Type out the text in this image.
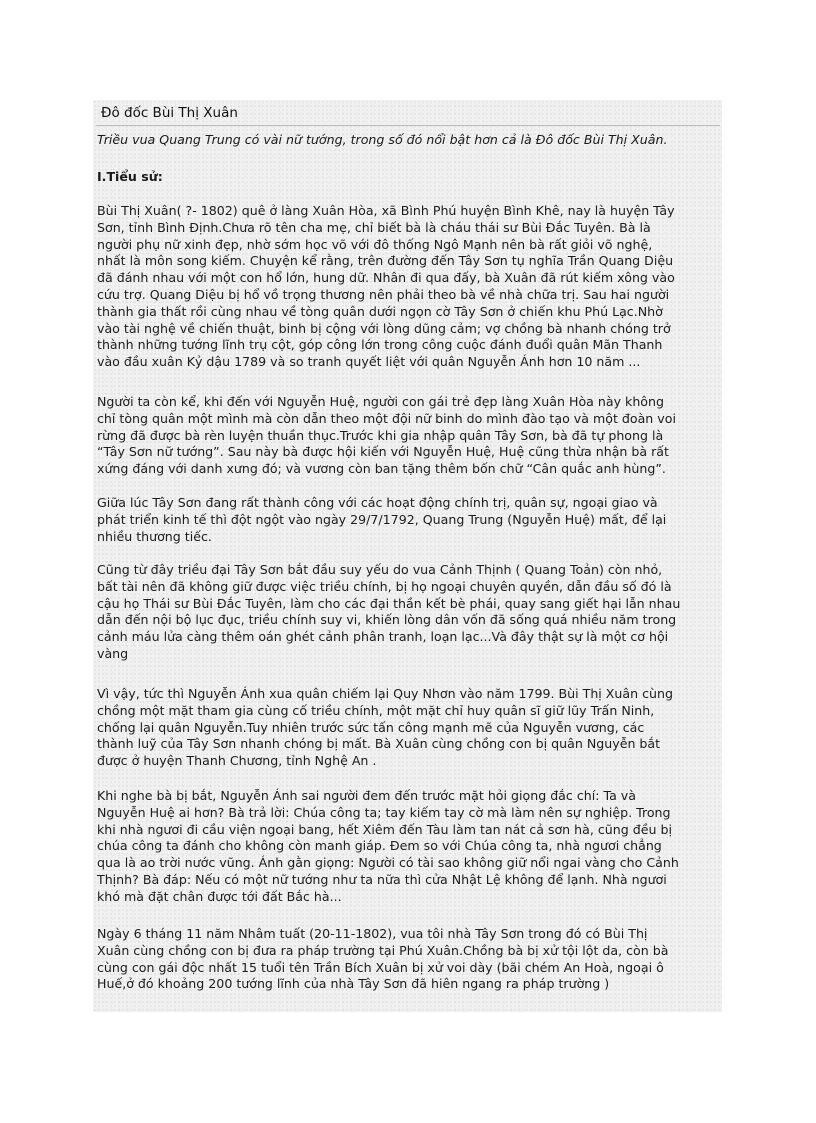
Đô đốc Bùi Thị Xuân

Triều vua Quang Trung có vài nữ tướng, trong số đó nổi bật hơn cả là Đô đốc Bùi Thị Xuân.

I.Tiểu sử:
Bùi Thị Xuân( ?- 1802) quê ở làng Xuân Hòa, xã Bình Phú huyện Bình Khê, nay là huyện Tây
Sơn, tỉnh Bình Định.Chưa rõ tên cha mẹ, chỉ biết bà là cháu thái sư Bùi Đắc Tuyên. Bà là
người phụ nữ xinh đẹp, nhờ sớm học võ với đô thống Ngô Mạnh nên bà rất giỏi võ nghệ,
nhất là môn song kiếm. Chuyện kể rằng, trên đường đến Tây Sơn tụ nghĩa Trần Quang Diệu
đã đánh nhau với một con hổ lớn, hung dữ. Nhân đi qua đấy, bà Xuân đã rút kiếm xông vào
cứu trợ. Quang Diệu bị hổ vồ trọng thương nên phải theo bà về nhà chữa trị. Sau hai người
thành gia thất rồi cùng nhau về tòng quân dưới ngọn cờ Tây Sơn ở chiến khu Phú Lạc.Nhờ
vào tài nghệ về chiến thuật, binh bị cộng với lòng dũng cảm; vợ chồng bà nhanh chóng trở
thành những tướng lĩnh trụ cột, góp công lớn trong công cuộc đánh đuổi quân Mãn Thanh
vào đầu xuân Kỷ dậu 1789 và so tranh quyết liệt với quân Nguyễn Ánh hơn 10 năm ...
Người ta còn kể, khi đến với Nguyễn Huệ, người con gái trẻ đẹp làng Xuân Hòa này không
chỉ tòng quân một mình mà còn dẫn theo một đội nữ binh do mình đào tạo và một đoàn voi
rừng đã được bà rèn luyện thuần thục.Trước khi gia nhập quân Tây Sơn, bà đã tự phong là
“Tây Sơn nữ tướng”. Sau này bà được hội kiến với Nguyễn Huệ, Huệ cũng thừa nhận bà rất
xứng đáng với danh xưng đó; và vương còn ban tặng thêm bốn chữ “Cân quắc anh hùng”.
Giữa lúc Tây Sơn đang rất thành công với các hoạt động chính trị, quân sự, ngoại giao và
phát triển kinh tế thì đột ngột vào ngày 29/7/1792, Quang Trung (Nguyễn Huệ) mất, để lại
nhiều thương tiếc.
Cũng từ đây triều đại Tây Sơn bắt đầu suy yếu do vua Cảnh Thịnh ( Quang Toản) còn nhỏ,
bất tài nên đã không giữ được việc triều chính, bị họ ngoại chuyên quyền, dẫn đầu số đó là
cậu họ Thái sư Bùi Đắc Tuyên, làm cho các đại thần kết bè phái, quay sang giết hại lẫn nhau
dẫn đến nội bộ lục đục, triều chính suy vi, khiến lòng dân vốn đã sống quá nhiều năm trong
cảnh máu lửa càng thêm oán ghét cảnh phân tranh, loạn lạc...Và đây thật sự là một cơ hội
vàng
Vì vậy, tức thì Nguyễn Ánh xua quân chiếm lại Quy Nhơn vào năm 1799. Bùi Thị Xuân cùng
chồng một mặt tham gia cùng cố triều chính, một mặt chỉ huy quân sĩ giữ lũy Trấn Ninh,
chống lại quân Nguyễn.Tuy nhiên trước sức tấn công mạnh mẽ của Nguyễn vương, các
thành luỹ của Tây Sơn nhanh chóng bị mất. Bà Xuân cùng chồng con bị quân Nguyễn bắt
được ở huyện Thanh Chương, tỉnh Nghệ An .
Khi nghe bà bị bắt, Nguyễn Ánh sai người đem đến trước mặt hỏi giọng đắc chí: Ta và
Nguyễn Huệ ai hơn? Bà trả lời: Chúa công ta; tay kiếm tay cờ mà làm nên sự nghiệp. Trong
khi nhà ngươi đi cầu viện ngoại bang, hết Xiêm đến Tàu làm tan nát cả sơn hà, cũng đều bị
chúa công ta đánh cho không còn manh giáp. Đem so với Chúa công ta, nhà ngươi chẳng
qua là ao trời nước vũng. Ánh gằn giọng: Người có tài sao không giữ nổi ngai vàng cho Cảnh
Thịnh? Bà đáp: Nếu có một nữ tướng như ta nữa thì cửa Nhật Lệ không để lạnh. Nhà ngươi
khó mà đặt chân được tới đất Bắc hà...
Ngày 6 tháng 11 năm Nhâm tuất (20-11-1802), vua tôi nhà Tây Sơn trong đó có Bùi Thị
Xuân cùng chồng con bị đưa ra pháp trường tại Phú Xuân.Chồng bà bị xử tội lột da, còn bà
cùng con gái độc nhất 15 tuổi tên Trần Bích Xuân bị xử voi dày (bãi chém An Hoà, ngoại ô
Huế,ở đó khoảng 200 tướng lĩnh của nhà Tây Sơn đã hiên ngang ra pháp trường )
